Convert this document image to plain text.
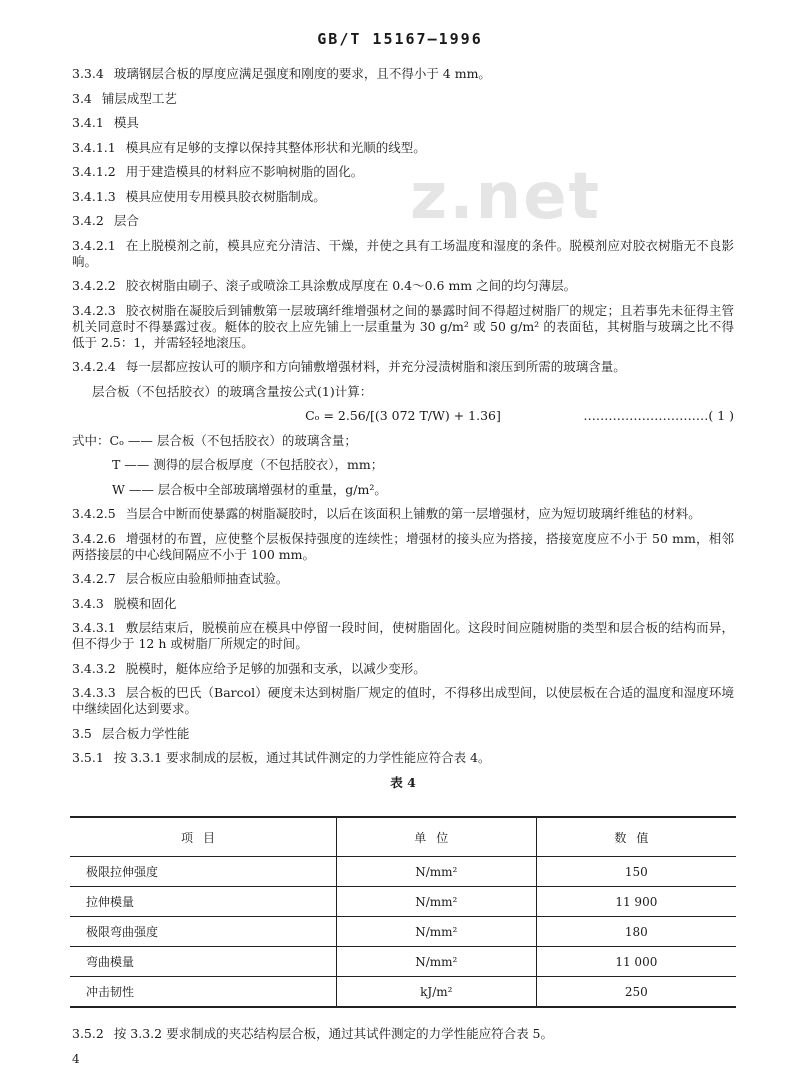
GB/T 15167—1996
z.net

3.3.4 玻璃钢层合板的厚度应满足强度和刚度的要求，且不得小于 4 mm。

3.4 铺层成型工艺

3.4.1 模具

3.4.1.1 模具应有足够的支撑以保持其整体形状和光顺的线型。

3.4.1.2 用于建造模具的材料应不影响树脂的固化。

3.4.1.3 模具应使用专用模具胶衣树脂制成。

3.4.2 层合

3.4.2.1 在上脱模剂之前，模具应充分清洁、干燥，并使之具有工场温度和湿度的条件。脱模剂应对胶衣树脂无不良影响。

3.4.2.2 胶衣树脂由刷子、滚子或喷涂工具涂敷成厚度在 0.4～0.6 mm 之间的均匀薄层。

3.4.2.3 胶衣树脂在凝胶后到铺敷第一层玻璃纤维增强材之间的暴露时间不得超过树脂厂的规定；且若事先未征得主管机关同意时不得暴露过夜。艇体的胶衣上应先铺上一层重量为 30 g/m² 或 50 g/m² 的表面毡，其树脂与玻璃之比不得低于 2.5：1，并需轻轻地滚压。

3.4.2.4 每一层都应按认可的顺序和方向铺敷增强材料，并充分浸渍树脂和滚压到所需的玻璃含量。

层合板（不包括胶衣）的玻璃含量按公式(1)计算：

Cₒ = 2.56/[(3 072 T/W) + 1.36]	…………………………( 1 )
式中：Cₒ —— 层合板（不包括胶衣）的玻璃含量；
T —— 测得的层合板厚度（不包括胶衣），mm；
W —— 层合板中全部玻璃增强材的重量，g/m²。

3.4.2.5 当层合中断而使暴露的树脂凝胶时，以后在该面积上铺敷的第一层增强材，应为短切玻璃纤维毡的材料。

3.4.2.6 增强材的布置，应使整个层板保持强度的连续性；增强材的接头应为搭接，搭接宽度应不小于 50 mm，相邻两搭接层的中心线间隔应不小于 100 mm。

3.4.2.7 层合板应由验船师抽查试验。

3.4.3 脱模和固化

3.4.3.1 敷层结束后，脱模前应在模具中停留一段时间，使树脂固化。这段时间应随树脂的类型和层合板的结构而异，但不得少于 12 h 或树脂厂所规定的时间。

3.4.3.2 脱模时，艇体应给予足够的加强和支承，以减少变形。

3.4.3.3 层合板的巴氏（Barcol）硬度未达到树脂厂规定的值时，不得移出成型间，以使层板在合适的温度和湿度环境中继续固化达到要求。

3.5 层合板力学性能

3.5.1 按 3.3.1 要求制成的层板，通过其试件测定的力学性能应符合表 4。

表 4
项目	单位	数值
极限拉伸强度	N/mm²	150
拉伸模量	N/mm²	11 900
极限弯曲强度	N/mm²	180
弯曲模量	N/mm²	11 000
冲击韧性	kJ/m²	250
3.5.2 按 3.3.2 要求制成的夹芯结构层合板，通过其试件测定的力学性能应符合表 5。
4
